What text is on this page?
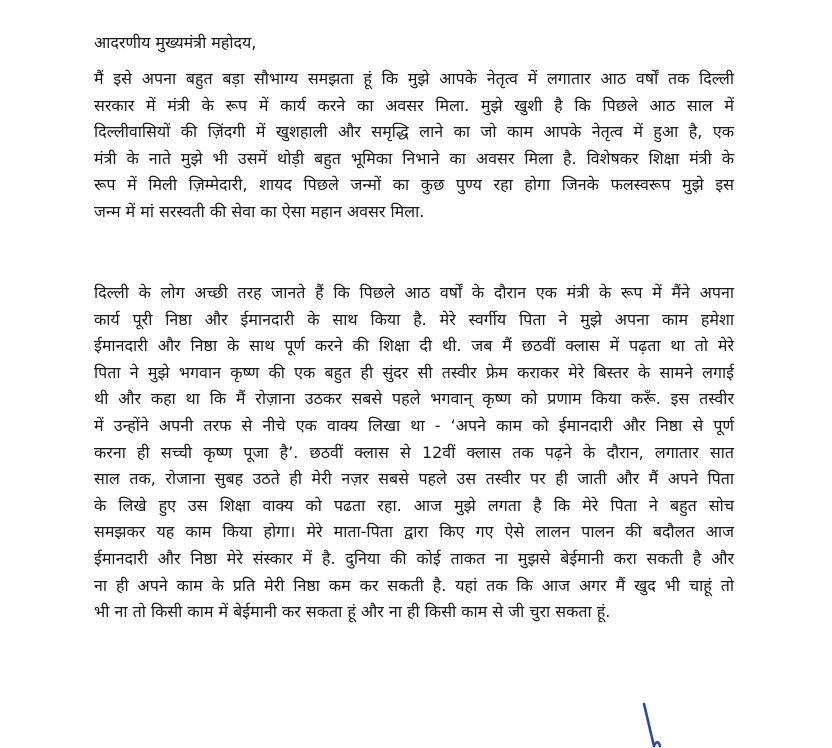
आदरणीय मुख्यमंत्री महोदय,
मैं इसे अपना बहुत बड़ा सौभाग्य समझता हूं कि मुझे आपके नेतृत्व में लगातार आठ वर्षों तक दिल्ली
सरकार में मंत्री के रूप में कार्य करने का अवसर मिला. मुझे खुशी है कि पिछले आठ साल में
दिल्लीवासियों की ज़िंदगी में खुशहाली और समृद्धि लाने का जो काम आपके नेतृत्व में हुआ है, एक
मंत्री के नाते मुझे भी उसमें थोड़ी बहुत भूमिका निभाने का अवसर मिला है. विशेषकर शिक्षा मंत्री के
रूप में मिली ज़िम्मेदारी, शायद पिछले जन्मों का कुछ पुण्य रहा होगा जिनके फलस्वरूप मुझे इस
जन्म में मां सरस्वती की सेवा का ऐसा महान अवसर मिला.
दिल्ली के लोग अच्छी तरह जानते हैं कि पिछले आठ वर्षों के दौरान एक मंत्री के रूप में मैंने अपना
कार्य पूरी निष्ठा और ईमानदारी के साथ किया है. मेरे स्वर्गीय पिता ने मुझे अपना काम हमेशा
ईमानदारी और निष्ठा के साथ पूर्ण करने की शिक्षा दी थी. जब मैं छठवीं क्लास में पढ़ता था तो मेरे
पिता ने मुझे भगवान कृष्ण की एक बहुत ही सुंदर सी तस्वीर फ्रेम कराकर मेरे बिस्तर के सामने लगाई
थी और कहा था कि मैं रोज़ाना उठकर सबसे पहले भगवान् कृष्ण को प्रणाम किया करूँ. इस तस्वीर
में उन्होंने अपनी तरफ से नीचे एक वाक्य लिखा था - ‘अपने काम को ईमानदारी और निष्ठा से पूर्ण
करना ही सच्ची कृष्ण पूजा है’. छठवीं क्लास से 12वीं क्लास तक पढ़ने के दौरान, लगातार सात
साल तक, रोजाना सुबह उठते ही मेरी नज़र सबसे पहले उस तस्वीर पर ही जाती और मैं अपने पिता
के लिखे हुए उस शिक्षा वाक्य को पढता रहा. आज मुझे लगता है कि मेरे पिता ने बहुत सोच
समझकर यह काम किया होगा। मेरे माता-पिता द्वारा किए गए ऐसे लालन पालन की बदौलत आज
ईमानदारी और निष्ठा मेरे संस्कार में है. दुनिया की कोई ताकत ना मुझसे बेईमानी करा सकती है और
ना ही अपने काम के प्रति मेरी निष्ठा कम कर सकती है. यहां तक कि आज अगर मैं खुद भी चाहूं तो
भी ना तो किसी काम में बेईमानी कर सकता हूं और ना ही किसी काम से जी चुरा सकता हूं.
